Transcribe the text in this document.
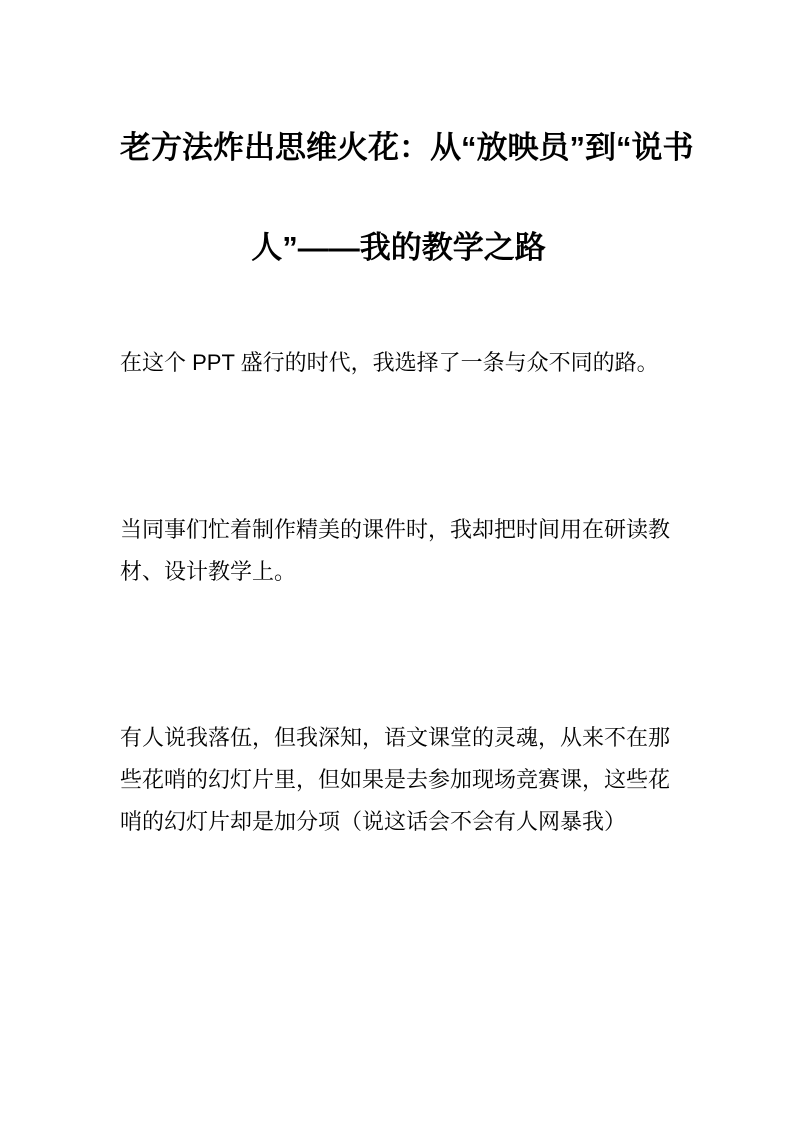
老方法炸出思维火花：从“放映员”到“说书
人”——我的教学之路

在这个 PPT 盛行的时代，我选择了一条与众不同的路。

当同事们忙着制作精美的课件时，我却把时间用在研读教材、设计教学上。

有人说我落伍，但我深知，语文课堂的灵魂，从来不在那些花哨的幻灯片里，但如果是去参加现场竞赛课，这些花哨的幻灯片却是加分项（说这话会不会有人网暴我）
